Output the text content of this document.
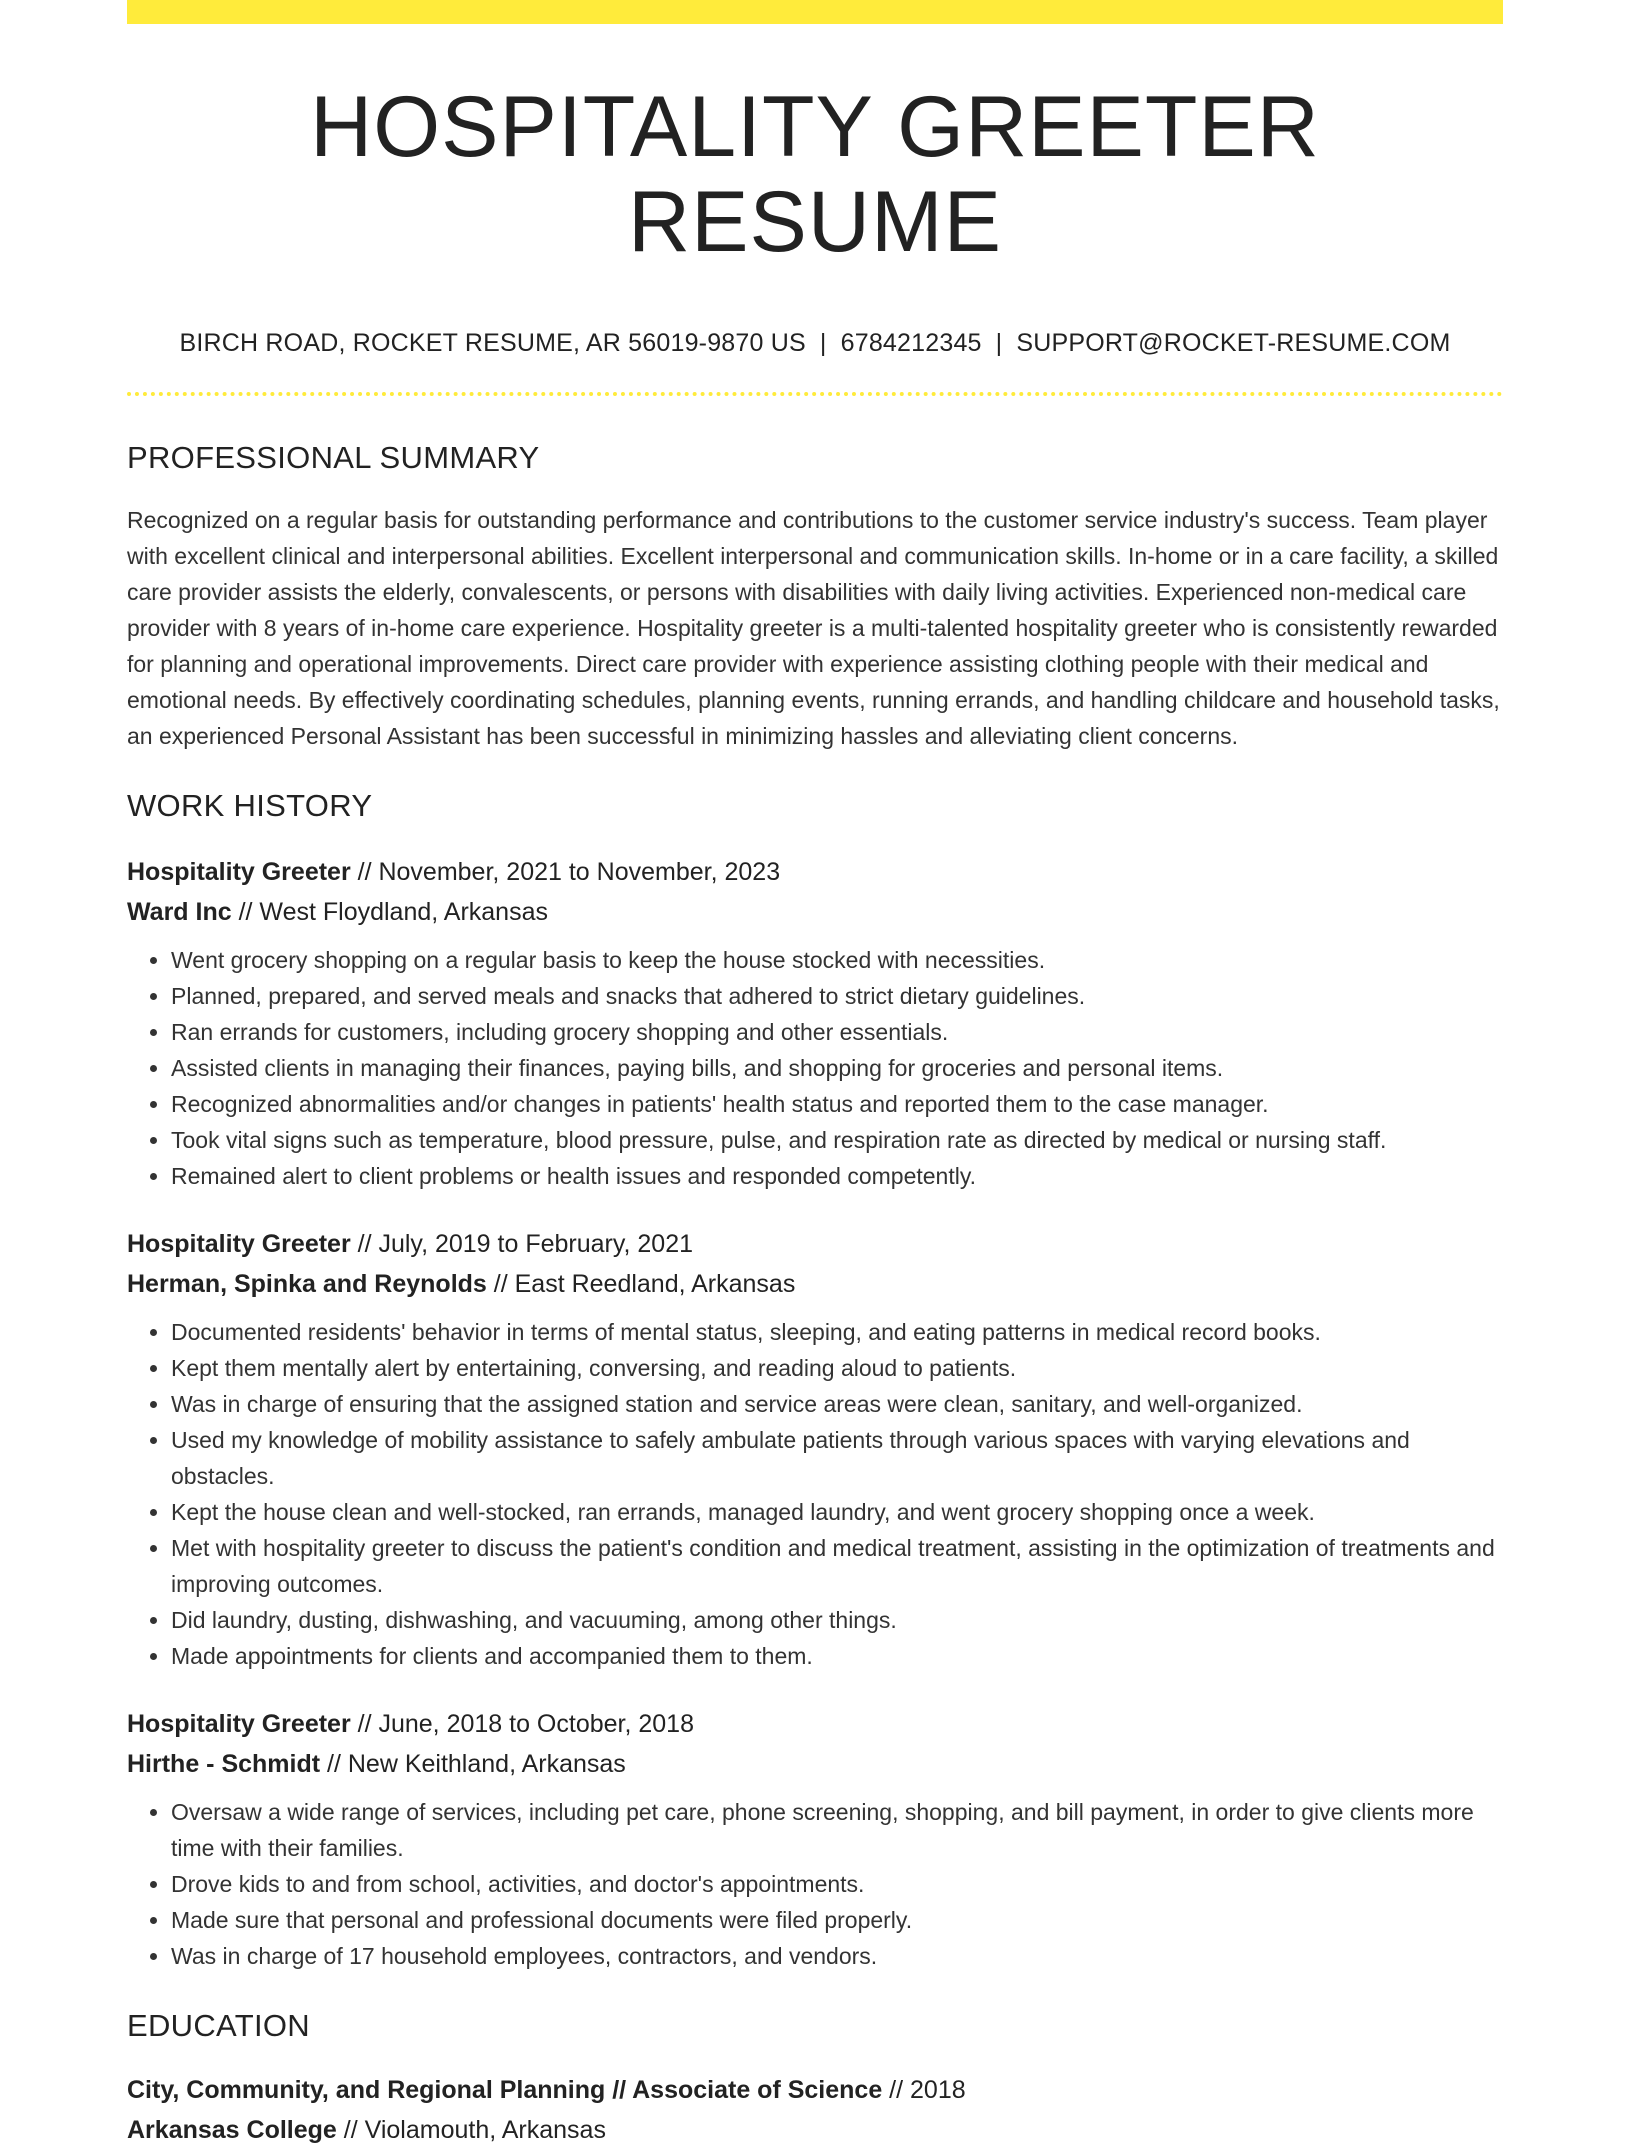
HOSPITALITY GREETER RESUME
BIRCH ROAD, ROCKET RESUME, AR 56019-9870 US | 6784212345 | SUPPORT@ROCKET-RESUME.COM
PROFESSIONAL SUMMARY
Recognized on a regular basis for outstanding performance and contributions to the customer service industry's success. Team player with excellent clinical and interpersonal abilities. Excellent interpersonal and communication skills. In-home or in a care facility, a skilled care provider assists the elderly, convalescents, or persons with disabilities with daily living activities. Experienced non-medical care provider with 8 years of in-home care experience. Hospitality greeter is a multi-talented hospitality greeter who is consistently rewarded for planning and operational improvements. Direct care provider with experience assisting clothing people with their medical and emotional needs. By effectively coordinating schedules, planning events, running errands, and handling childcare and household tasks, an experienced Personal Assistant has been successful in minimizing hassles and alleviating client concerns.
WORK HISTORY
Hospitality Greeter // November, 2021 to November, 2023
Ward Inc // West Floydland, Arkansas
• Went grocery shopping on a regular basis to keep the house stocked with necessities.
• Planned, prepared, and served meals and snacks that adhered to strict dietary guidelines.
• Ran errands for customers, including grocery shopping and other essentials.
• Assisted clients in managing their finances, paying bills, and shopping for groceries and personal items.
• Recognized abnormalities and/or changes in patients' health status and reported them to the case manager.
• Took vital signs such as temperature, blood pressure, pulse, and respiration rate as directed by medical or nursing staff.
• Remained alert to client problems or health issues and responded competently.
Hospitality Greeter // July, 2019 to February, 2021
Herman, Spinka and Reynolds // East Reedland, Arkansas
• Documented residents' behavior in terms of mental status, sleeping, and eating patterns in medical record books.
• Kept them mentally alert by entertaining, conversing, and reading aloud to patients.
• Was in charge of ensuring that the assigned station and service areas were clean, sanitary, and well-organized.
• Used my knowledge of mobility assistance to safely ambulate patients through various spaces with varying elevations and obstacles.
• Kept the house clean and well-stocked, ran errands, managed laundry, and went grocery shopping once a week.
• Met with hospitality greeter to discuss the patient's condition and medical treatment, assisting in the optimization of treatments and improving outcomes.
• Did laundry, dusting, dishwashing, and vacuuming, among other things.
• Made appointments for clients and accompanied them to them.
Hospitality Greeter // June, 2018 to October, 2018
Hirthe - Schmidt // New Keithland, Arkansas
• Oversaw a wide range of services, including pet care, phone screening, shopping, and bill payment, in order to give clients more time with their families.
• Drove kids to and from school, activities, and doctor's appointments.
• Made sure that personal and professional documents were filed properly.
• Was in charge of 17 household employees, contractors, and vendors.
EDUCATION
City, Community, and Regional Planning // Associate of Science // 2018
Arkansas College // Violamouth, Arkansas
